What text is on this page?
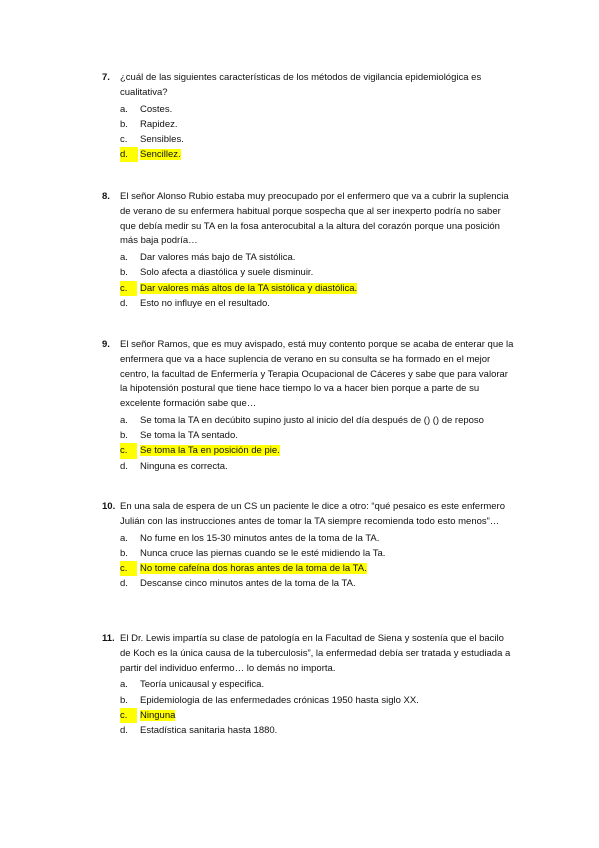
7. ¿cuál de las siguientes características de los métodos de vigilancia epidemiológica es cualitativa?
a. Costes.
b. Rapidez.
c. Sensibles.
d.	Sencillez.
8. El señor Alonso Rubio estaba muy preocupado por el enfermero que va a cubrir la suplencia de verano de su enfermera habitual porque sospecha que al ser inexperto podría no saber que debía medir su TA en la fosa anterocubital a la altura del corazón porque una posición más baja podría…
a. Dar valores más bajo de TA sistólica.
b. Solo afecta a diastólica y suele disminuir.
c.	Dar valores más altos de la TA sistólica y diastólica.
d. Esto no influye en el resultado.
9. El señor Ramos, que es muy avispado, está muy contento porque se acaba de enterar que la enfermera que va a hace suplencia de verano en su consulta se ha formado en el mejor centro, la facultad de Enfermería y Terapia Ocupacional de Cáceres y sabe que para valorar la hipotensión postural que tiene hace tiempo lo va a hacer bien porque a parte de su excelente formación sabe que…
a. Se toma la TA en decúbito supino justo al inicio del día después de () () de reposo
b. Se toma la TA sentado.
c.	Se toma la Ta en posición de pie.
d. Ninguna es correcta.
10. En una sala de espera de un CS un paciente le dice a otro: “qué pesaico es este enfermero Julián con las instrucciones antes de tomar la TA siempre recomienda todo esto menos”…
a. No fume en los 15-30 minutos antes de la toma de la TA.
b. Nunca cruce las piernas cuando se le esté midiendo la Ta.
c.	No tome cafeína dos horas antes de la toma de la TA.
d. Descanse cinco minutos antes de la toma de la TA.
11. El Dr. Lewis impartía su clase de patología en la Facultad de Siena y sostenía que el bacilo de Koch es la única causa de la tuberculosis”, la enfermedad debía ser tratada y estudiada a partir del individuo enfermo… lo demás no importa.
a. Teoría unicausal y especifica.
b. Epidemiologia de las enfermedades crónicas 1950 hasta siglo XX.
c.	Ninguna
d. Estadística sanitaria hasta 1880.
